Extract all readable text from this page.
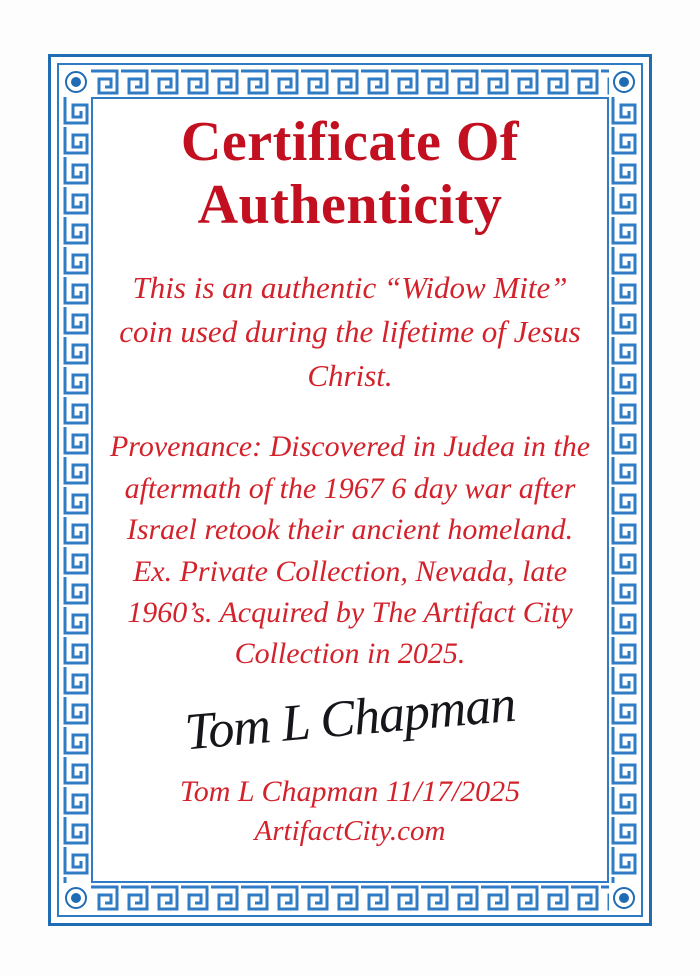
Certificate Of
Authenticity
This is an authentic “Widow Mite” coin used during the lifetime of Jesus Christ.
Provenance: Discovered in Judea in the aftermath of the 1967 6 day war after Israel retook their ancient homeland. Ex. Private Collection, Nevada, late 1960’s. Acquired by The Artifact City Collection in 2025.
Tom L Chapman
Tom L Chapman 11/17/2025
ArtifactCity.com
